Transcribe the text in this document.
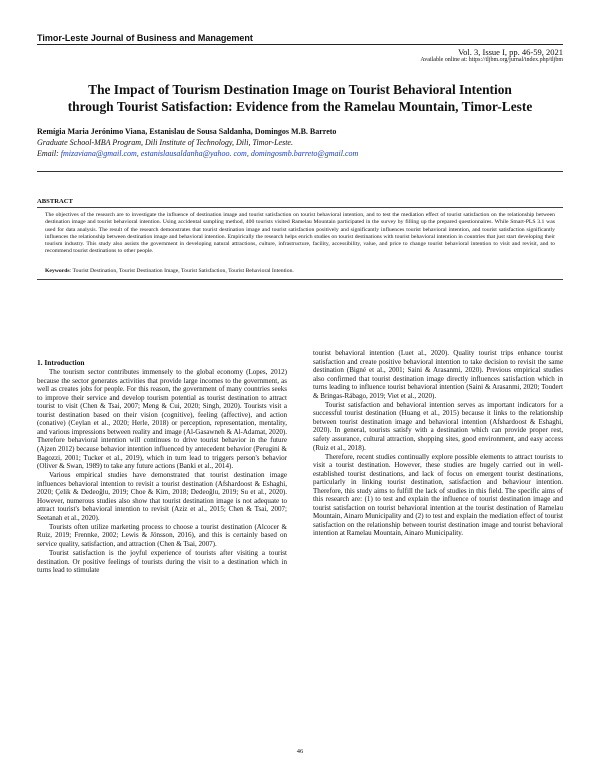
Timor-Leste Journal of Business and Management
Vol. 3, Issue I, pp. 46-59, 2021
Available online at: https://tljbm.org/jurnal/index.php/tljbm
The Impact of Tourism Destination Image on Tourist Behavioral Intention
through Tourist Satisfaction: Evidence from the Ramelau Mountain, Timor-Leste
Remígia Maria Jerónimo Viana, Estanislau de Sousa Saldanha, Domingos M.B. Barreto
Graduate School-MBA Program, Dili Institute of Technology, Dili, Timor-Leste.
Email: fmizaviana@gmail.com, estanislausaldanha@yahoo. com, domingosmb.barreto@gmail.com
ABSTRACT
The objectives of the research are to investigate the influence of destination image and tourist satisfaction on tourist behavioral intention, and to test the mediation effect of tourist satisfaction on the relationship between destination image and tourist behavioral intention. Using accidental sampling method, 400 tourists visited Ramelau Mountain participated in the survey by filling up the prepared questionnaires. While Smart-PLS 3.1 was used for data analysis. The result of the research demonstrates that tourist destination image and tourist satisfaction positively and significantly influences tourist behavioral intention, and tourist satisfaction significantly influences the relationship between destination image and behavioral intention. Empirically the research helps enrich studies on tourist destinations with tourist behavioral intention in countries that just start developing their tourism industry. This study also assists the government in developing natural attractions, culture, infrastructure, facility, accessibility, value, and price to change tourist behavioral intention to visit and revisit, and to recommend tourist destinations to other people.
Keywords: Tourist Destination, Tourist Destination Image, Tourist Satisfaction, Tourist Behavioral Intention.

1. Introduction

The tourism sector contributes immensely to the global economy (Lopes, 2012) because the sector generates activities that provide large incomes to the government, as well as creates jobs for people. For this reason, the government of many countries seeks to improve their service and develop tourism potential as tourist destination to attract tourist to visit (Chen & Tsai, 2007; Meng & Cui, 2020; Singh, 2020). Tourists visit a tourist destination based on their vision (cognitive), feeling (affective), and action (conative) (Ceylan et al., 2020; Herle, 2018) or perception, representation, mentality, and various impressions between reality and image (Al-Gasawneh & Al-Adamat, 2020). Therefore behavioral intention will continues to drive tourist behavior in the future (Ajzen 2012) because behavior intention influenced by antecedent behavior (Perugini & Bagozzi, 2001; Tucker et al., 2019), which in turn lead to triggers person's behavior (Oliver & Swan, 1989) to take any future actions (Banki et al., 2014).

Various empirical studies have demonstrated that tourist destination image influences behavioral intention to revisit a tourist destination (Afshardoost & Eshaghi, 2020; Çelik & Dedeoğlu, 2019; Choe & Kim, 2018; Dedeoğlu, 2019; Su et al., 2020). However, numerous studies also show that tourist destination image is not adequate to attract tourist's behavioral intention to revisit (Aziz et al., 2015; Chen & Tsai, 2007; Seetanah et al., 2020).

Tourists often utilize marketing process to choose a tourist destination (Alcocer & Ruiz, 2019; Frennke, 2002; Lewis & Jönsson, 2016), and this is certainly based on service quality, satisfaction, and attraction (Chen & Tsai, 2007).

Tourist satisfaction is the joyful experience of tourists after visiting a tourist destination. Or positive feelings of tourists during the visit to a destination which in turns lead to stimulate

tourist behavioral intention (Luet al., 2020). Quality tourist trips enhance tourist satisfaction and create positive behavioral intention to take decision to revisit the same destination (Bigné et al., 2001; Saini & Arasanmi, 2020). Previous empirical studies also confirmed that tourist destination image directly influences satisfaction which in turns leading to influence tourist behavioral intention (Saini & Arasanmi, 2020; Toudert & Bringas-Rábago, 2019; Viet et al., 2020).

Tourist satisfaction and behavioral intention serves as important indicators for a successful tourist destination (Huang et al., 2015) because it links to the relationship between tourist destination image and behavioral intention (Afshardoost & Eshaghi, 2020). In general, tourists satisfy with a destination which can provide proper rest, safety assurance, cultural attraction, shopping sites, good environment, and easy access (Ruiz et al., 2018).

Therefore, recent studies continually explore possible elements to attract tourists to visit a tourist destination. However, these studies are hugely carried out in well-established tourist destinations, and lack of focus on emergent tourist destinations, particularly in linking tourist destination, satisfaction and behaviour intention. Therefore, this study aims to fulfill the lack of studies in this field. The specific aims of this research are: (1) to test and explain the influence of tourist destination image and tourist satisfaction on tourist behavioral intention at the tourist destination of Ramelau Mountain, Ainaro Municipality and (2) to test and explain the mediation effect of tourist satisfaction on the relationship between tourist destination image and tourist behavioral intention at Ramelau Mountain, Ainaro Municipality.

46
